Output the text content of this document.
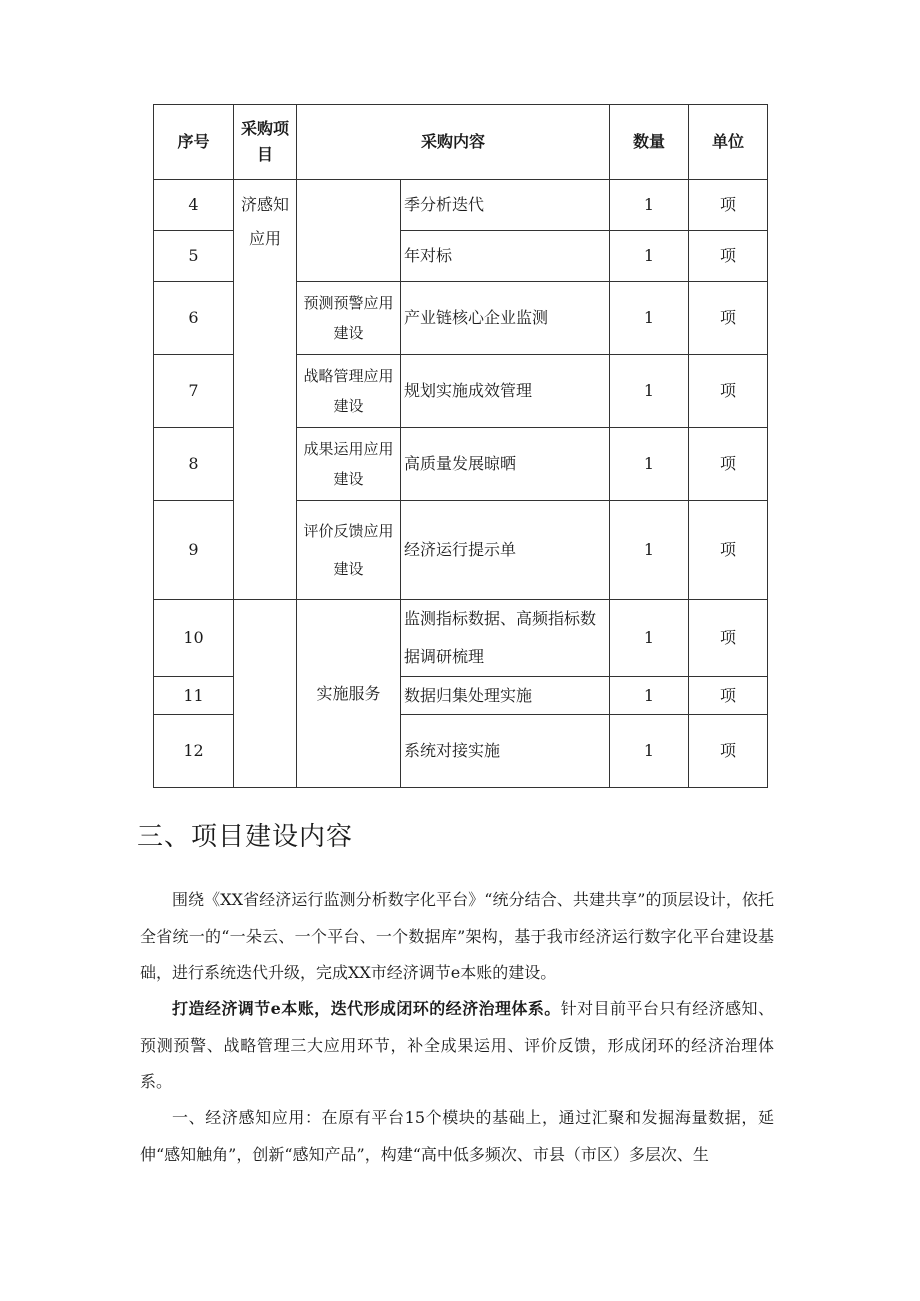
序号	采购项目	采购内容		数量	单位
4	济感知应用		季分析迭代	1	项
5			年对标	1	项
6		预测预警应用建设	产业链核心企业监测	1	项
7		战略管理应用建设	规划实施成效管理	1	项
8		成果运用应用建设	高质量发展晾晒	1	项
9		评价反馈应用建设	经济运行提示单	1	项
10		实施服务	监测指标数据、高频指标数据调研梳理	1	项
11			数据归集处理实施	1	项
12			系统对接实施	1	项
三、项目建设内容

围绕《XX省经济运行监测分析数字化平台》“统分结合、共建共享”的顶层设计，依托全省统一的“一朵云、一个平台、一个数据库”架构，基于我市经济运行数字化平台建设基础，进行系统迭代升级，完成XX市经济调节e本账的建设。

打造经济调节e本账，迭代形成闭环的经济治理体系。针对目前平台只有经济感知、预测预警、战略管理三大应用环节，补全成果运用、评价反馈，形成闭环的经济治理体系。

一、经济感知应用：在原有平台15个模块的基础上，通过汇聚和发掘海量数据，延伸“感知触角”，创新“感知产品”，构建“高中低多频次、市县（市区）多层次、生
